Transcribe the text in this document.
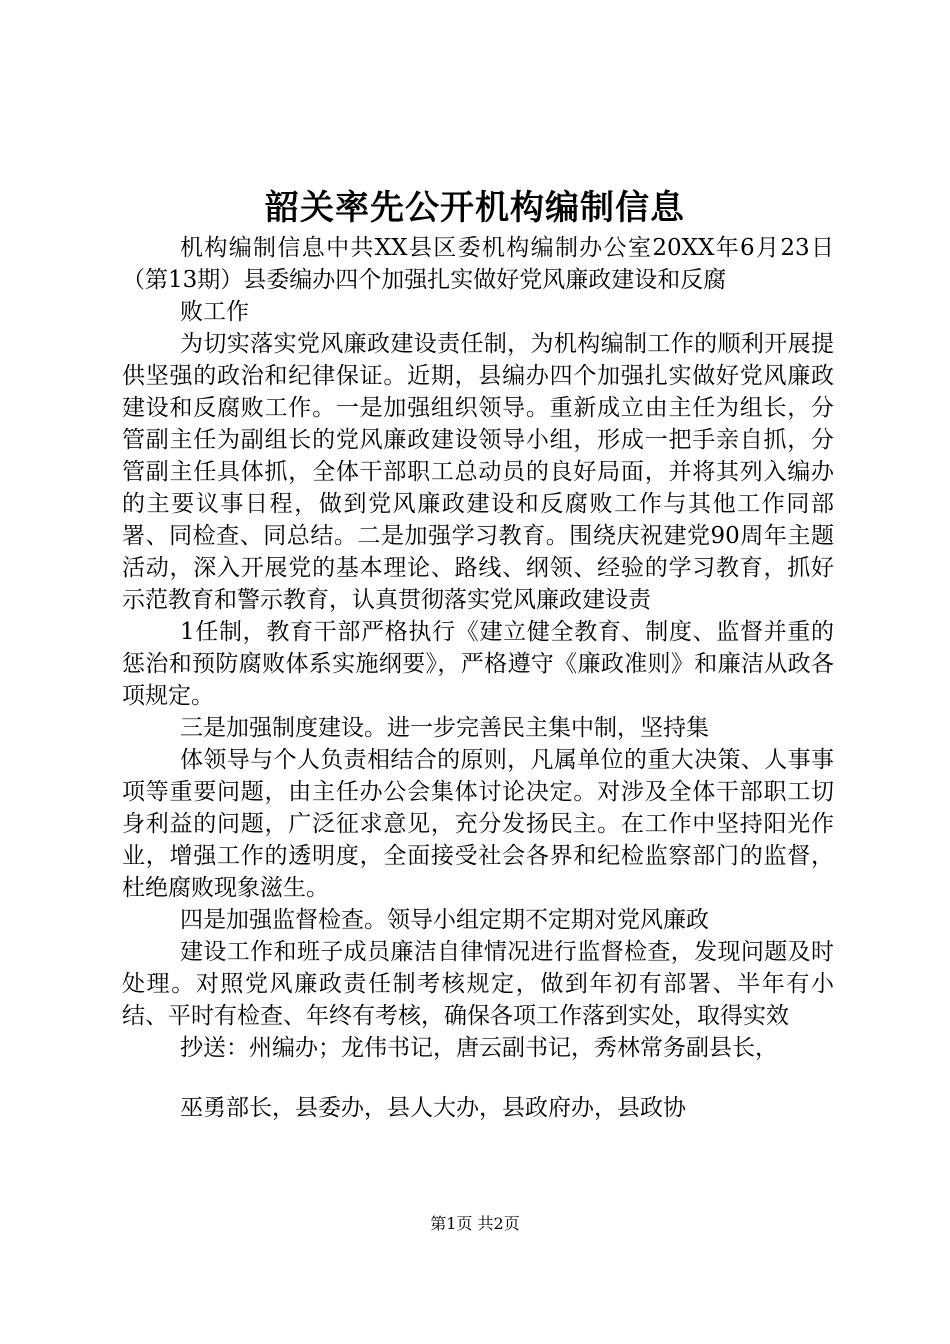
韶关率先公开机构编制信息

机构编制信息中共XX县区委机构编制办公室20XX年6月23日（第13期）县委编办四个加强扎实做好党风廉政建设和反腐

败工作

为切实落实党风廉政建设责任制，为机构编制工作的顺利开展提供坚强的政治和纪律保证。近期，县编办四个加强扎实做好党风廉政建设和反腐败工作。一是加强组织领导。重新成立由主任为组长，分管副主任为副组长的党风廉政建设领导小组，形成一把手亲自抓，分管副主任具体抓，全体干部职工总动员的良好局面，并将其列入编办的主要议事日程，做到党风廉政建设和反腐败工作与其他工作同部署、同检查、同总结。二是加强学习教育。围绕庆祝建党90周年主题活动，深入开展党的基本理论、路线、纲领、经验的学习教育，抓好示范教育和警示教育，认真贯彻落实党风廉政建设责

1任制，教育干部严格执行《建立健全教育、制度、监督并重的惩治和预防腐败体系实施纲要》，严格遵守《廉政准则》和廉洁从政各项规定。

三是加强制度建设。进一步完善民主集中制，坚持集

体领导与个人负责相结合的原则，凡属单位的重大决策、人事事项等重要问题，由主任办公会集体讨论决定。对涉及全体干部职工切身利益的问题，广泛征求意见，充分发扬民主。在工作中坚持阳光作业，增强工作的透明度，全面接受社会各界和纪检监察部门的监督，杜绝腐败现象滋生。

四是加强监督检查。领导小组定期不定期对党风廉政

建设工作和班子成员廉洁自律情况进行监督检查，发现问题及时处理。对照党风廉政责任制考核规定，做到年初有部署、半年有小结、平时有检查、年终有考核，确保各项工作落到实处，取得实效

抄送：州编办；龙伟书记，唐云副书记，秀林常务副县长，

巫勇部长，县委办，县人大办，县政府办，县政协

第1页 共2页
